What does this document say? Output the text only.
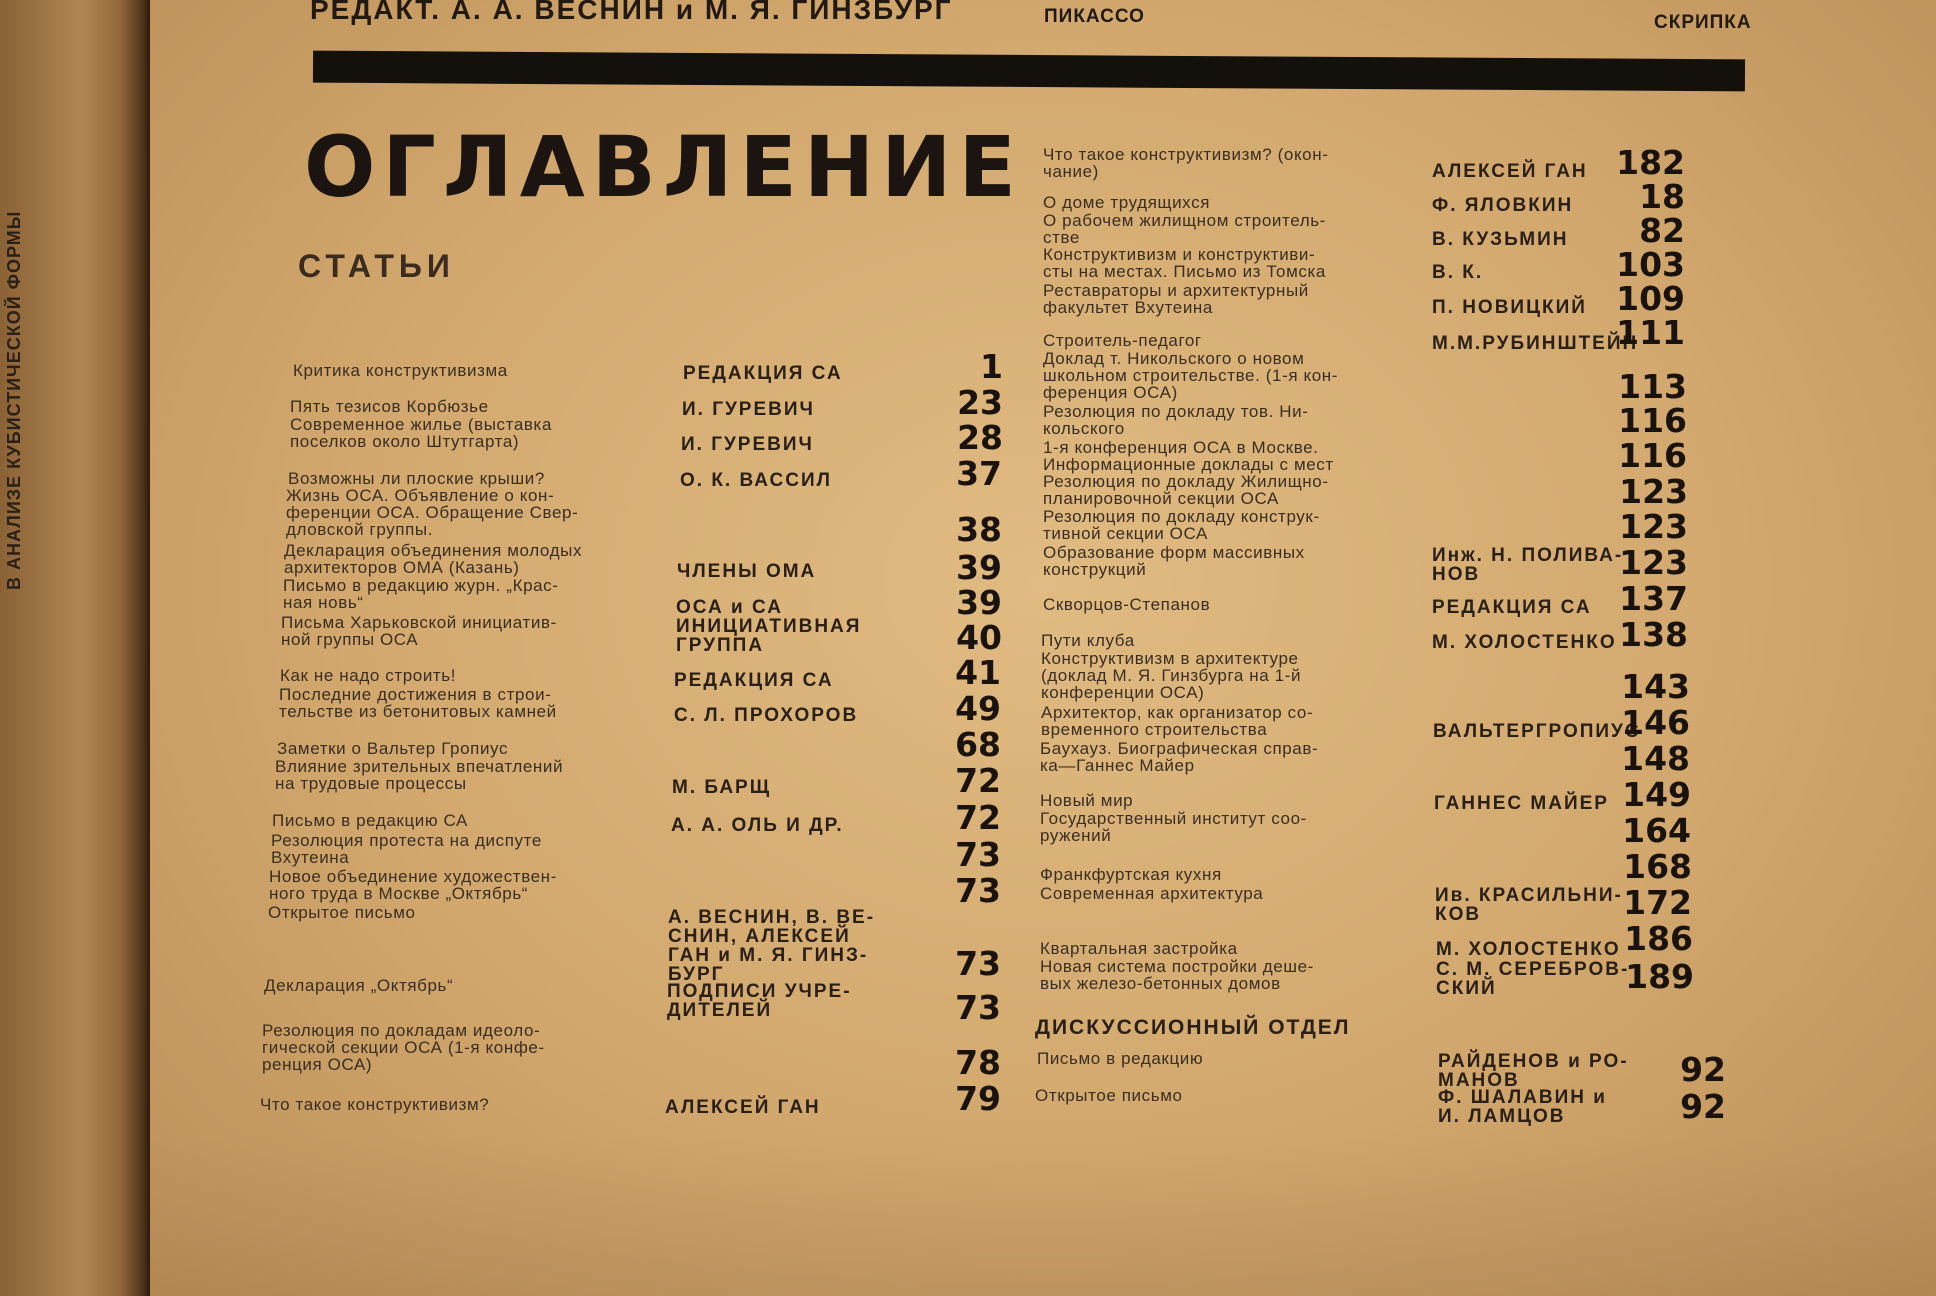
В АНАЛИЗЕ КУБИСТИЧЕСКОЙ ФОРМЫ
РЕДАКТ. А. А. ВЕСНИН и М. Я. ГИНЗБУРГ	ПИКАССО	СКРИПКА
ОГЛАВЛЕНИЕ
СТАТЬИ
Критика конструктивизма
Пять тезисов Корбюзье
Современное жилье (выставка
поселков около Штутгарта)
Возможны ли плоские крыши?
Жизнь ОСА. Объявление о кон-
ференции ОСА. Обращение Свер-
дловской группы.
Декларация объединения молодых
архитекторов ОМА (Казань)
Письмо в редакцию журн. „Крас-
ная новь“
Письма Харьковской инициатив-
ной группы ОСА
Как не надо строить!
Последние достижения в строи-
тельстве из бетонитовых камней
Заметки о Вальтер Гропиус
Влияние зрительных впечатлений
на трудовые процессы
Письмо в редакцию СА
Резолюция протеста на диспуте
Вхутеина
Новое объединение художествен-
ного труда в Москве „Октябрь“
Открытое письмо
Декларация „Октябрь“
Резолюция по докладам идеоло-
гической секции ОСА (1-я конфе-
ренция ОСА)
Что такое конструктивизм?
РЕДАКЦИЯ СА
И. ГУРЕВИЧ
И. ГУРЕВИЧ
О. К. ВАССИЛ
ЧЛЕНЫ ОМА
ОСА и СА
ИНИЦИАТИВНАЯ
ГРУППА
РЕДАКЦИЯ СА
С. Л. ПРОХОРОВ
М. БАРЩ
А. А. ОЛЬ И ДР.
А. ВЕСНИН, В. ВЕ-
СНИН, АЛЕКСЕЙ
ГАН и М. Я. ГИНЗ-
БУРГ
ПОДПИСИ УЧРЕ-
ДИТЕЛЕЙ
АЛЕКСЕЙ ГАН
1
23
28
37
38
39
39
40
41
49
68
72
72
73
73
73
73
78
79
Что такое конструктивизм? (окон-
чание)
О доме трудящихся
О рабочем жилищном строитель-
стве
Конструктивизм и конструктиви-
сты на местах. Письмо из Томска
Реставраторы и архитектурный
факультет Вхутеина
Строитель-педагог
Доклад т. Никольского о новом
школьном строительстве. (1-я кон-
ференция ОСА)
Резолюция по докладу тов. Ни-
кольского
1-я конференция ОСА в Москве.
Информационные доклады с мест
Резолюция по докладу Жилищно-
планировочной секции ОСА
Резолюция по докладу конструк-
тивной секции ОСА
Образование форм массивных
конструкций
Скворцов-Степанов
Пути клуба
Конструктивизм в архитектуре
(доклад М. Я. Гинзбурга на 1-й
конференции ОСА)
Архитектор, как организатор со-
временного строительства
Баухауз. Биографическая справ-
ка—Ганнес Майер
Новый мир
Государственный институт соо-
ружений
Франкфуртская кухня
Современная архитектура
Квартальная застройка
Новая система постройки деше-
вых железо-бетонных домов
АЛЕКСЕЙ ГАН
Ф. ЯЛОВКИН
В. КУЗЬМИН
В. К.
П. НОВИЦКИЙ
М.М.РУБИНШТЕЙН
Инж. Н. ПОЛИВА-
НОВ
РЕДАКЦИЯ СА
М. ХОЛОСТЕНКО
ВАЛЬТЕРГРОПИУС
ГАННЕС МАЙЕР
Ив. КРАСИЛЬНИ-
КОВ
М. ХОЛОСТЕНКО
С. М. СЕРЕБРОВ-
СКИЙ
182
18
82
103
109
111
113
116
116
123
123
123
137
138
143
146
148
149
164
168
172
186
189
ДИСКУССИОННЫЙ ОТДЕЛ
Письмо в редакцию
Открытое письмо
РАЙДЕНОВ и РО-
МАНОВ
Ф. ШАЛАВИН и
И. ЛАМЦОВ
92
92
